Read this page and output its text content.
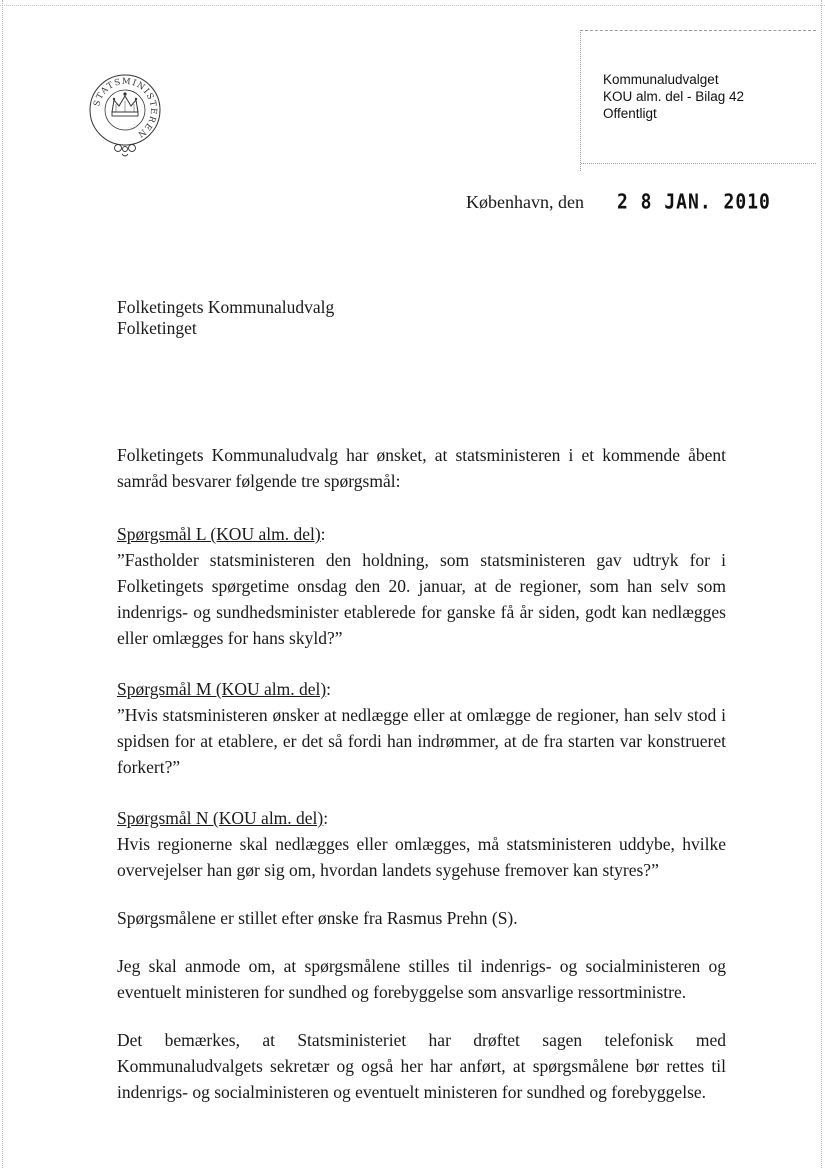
STATSMINISTEREN
Kommunaludvalget
KOU alm. del - Bilag 42
Offentligt
København, den 2 8 JAN. 2010
Folketingets Kommunaludvalg
Folketinget

Folketingets Kommunaludvalg har ønsket, at statsministeren i et kommende åbent samråd besvarer følgende tre spørgsmål:

Spørgsmål L (KOU alm. del):

”Fastholder statsministeren den holdning, som statsministeren gav udtryk for i Folketingets spørgetime onsdag den 20. januar, at de regioner, som han selv som indenrigs- og sundhedsminister etablerede for ganske få år siden, godt kan nedlægges eller omlægges for hans skyld?”

Spørgsmål M (KOU alm. del):

”Hvis statsministeren ønsker at nedlægge eller at omlægge de regioner, han selv stod i spidsen for at etablere, er det så fordi han indrømmer, at de fra starten var konstrueret forkert?”

Spørgsmål N (KOU alm. del):

Hvis regionerne skal nedlægges eller omlægges, må statsministeren uddybe, hvilke overvejelser han gør sig om, hvordan landets sygehuse fremover kan styres?”

Spørgsmålene er stillet efter ønske fra Rasmus Prehn (S).

Jeg skal anmode om, at spørgsmålene stilles til indenrigs- og socialministeren og eventuelt ministeren for sundhed og forebyggelse som ansvarlige ressortministre.

Det bemærkes, at Statsministeriet har drøftet sagen telefonisk med Kommunaludvalgets sekretær og også her har anført, at spørgsmålene bør rettes til indenrigs- og socialministeren og eventuelt ministeren for sundhed og forebyggelse.
